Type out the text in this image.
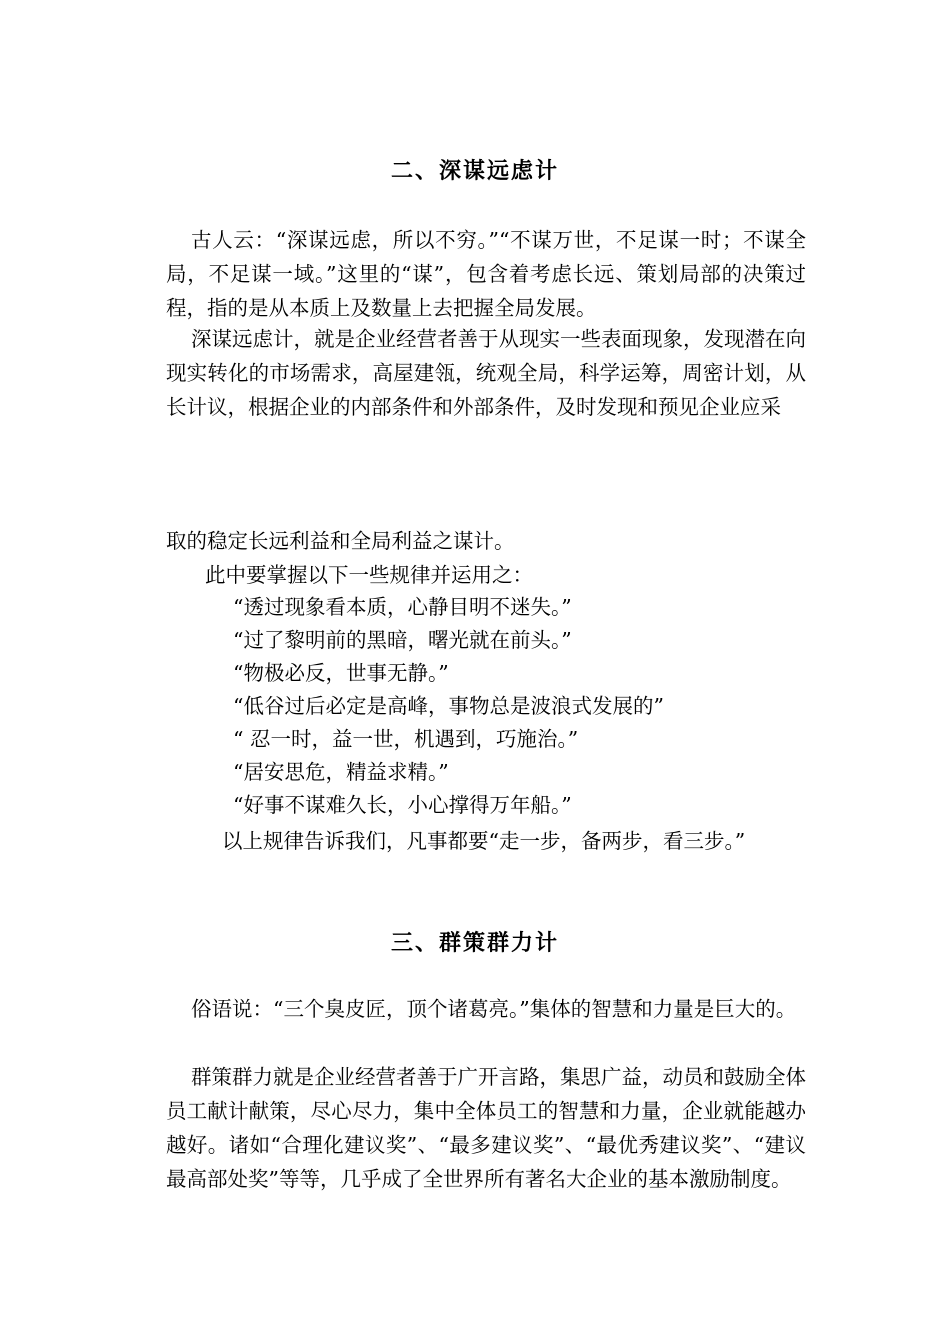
二、深谋远虑计

古人云：“深谋远虑，所以不穷。”“不谋万世，不足谋一时；不谋全局，不足谋一域。”这里的“谋”，包含着考虑长远、策划局部的决策过程，指的是从本质上及数量上去把握全局发展。

深谋远虑计，就是企业经营者善于从现实一些表面现象，发现潜在向现实转化的市场需求，高屋建瓴，统观全局，科学运筹，周密计划，从长计议，根据企业的内部条件和外部条件，及时发现和预见企业应采

取的稳定长远利益和全局利益之谋计。

此中要掌握以下一些规律并运用之：

“透过现象看本质，心静目明不迷失。”

“过了黎明前的黑暗，曙光就在前头。”

“物极必反，世事无静。”

“低谷过后必定是高峰，事物总是波浪式发展的”

“ 忍一时，益一世，机遇到，巧施治。”

“居安思危，精益求精。”

“好事不谋难久长，小心撑得万年船。”

以上规律告诉我们，凡事都要“走一步，备两步，看三步。”

三、群策群力计

俗语说：“三个臭皮匠，顶个诸葛亮。”集体的智慧和力量是巨大的。

群策群力就是企业经营者善于广开言路，集思广益，动员和鼓励全体员工献计献策，尽心尽力，集中全体员工的智慧和力量，企业就能越办越好。诸如“合理化建议奖”、“最多建议奖”、“最优秀建议奖”、“建议最高部处奖”等等，几乎成了全世界所有著名大企业的基本激励制度。
